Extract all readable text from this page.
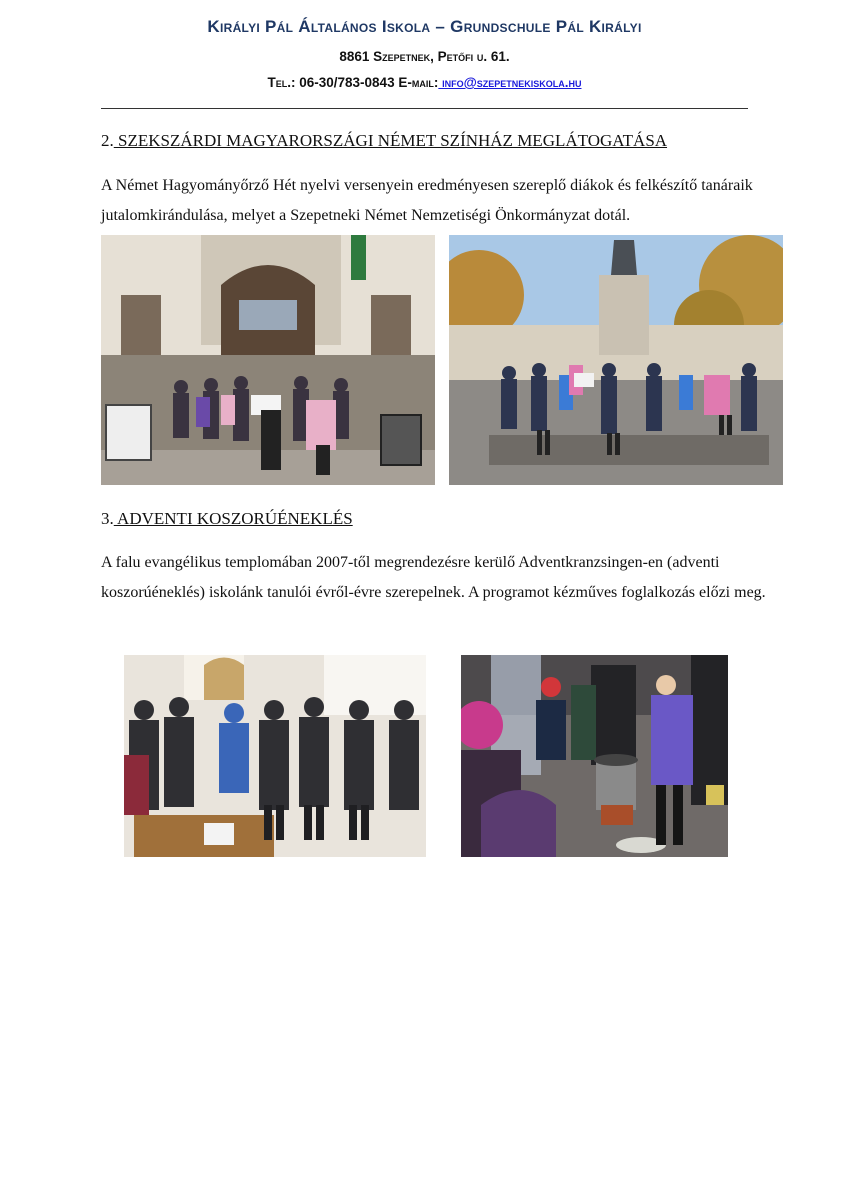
Királyi Pál Általános Iskola – Grundschule Pál Királyi
8861 Szepetnek, Petőfi u. 61.
Tel.: 06-30/783-0843 E-mail: info@szepetnekiskola.hu
2. SZEKSZÁRDI MAGYARORSZÁGI NÉMET SZÍNHÁZ MEGLÁTOGATÁSA
A Német Hagyományőrző Hét nyelvi versenyein eredményesen szereplő diákok és felkészítő tanáraik jutalomkirándulása, melyet a Szepetneki Német Nemzetiségi Önkormányzat dotál.
3. ADVENTI KOSZORÚÉNEKLÉS
A falu evangélikus templomában 2007-től megrendezésre kerülő Adventkranzsingen-en (adventi koszorúéneklés) iskolánk tanulói évről-évre szerepelnek. A programot kézműves foglalkozás előzi meg.
